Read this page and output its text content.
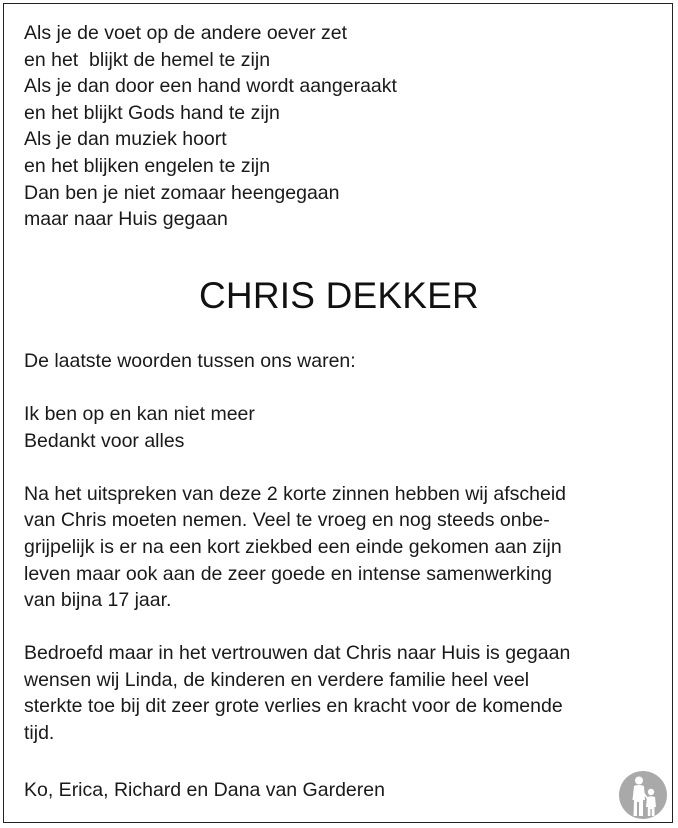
Als je de voet op de andere oever zet
en het  blijkt de hemel te zijn
Als je dan door een hand wordt aangeraakt
en het blijkt Gods hand te zijn
Als je dan muziek hoort
en het blijken engelen te zijn
Dan ben je niet zomaar heengegaan
maar naar Huis gegaan
CHRIS DEKKER
De laatste woorden tussen ons waren:
Ik ben op en kan niet meer
Bedankt voor alles
Na het uitspreken van deze 2 korte zinnen hebben wij afscheid
van Chris moeten nemen. Veel te vroeg en nog steeds onbe-
grijpelijk is er na een kort ziekbed een einde gekomen aan zijn
leven maar ook aan de zeer goede en intense samenwerking
van bijna 17 jaar.
Bedroefd maar in het vertrouwen dat Chris naar Huis is gegaan
wensen wij Linda, de kinderen en verdere familie heel veel
sterkte toe bij dit zeer grote verlies en kracht voor de komende
tijd.
Ko, Erica, Richard en Dana van Garderen
